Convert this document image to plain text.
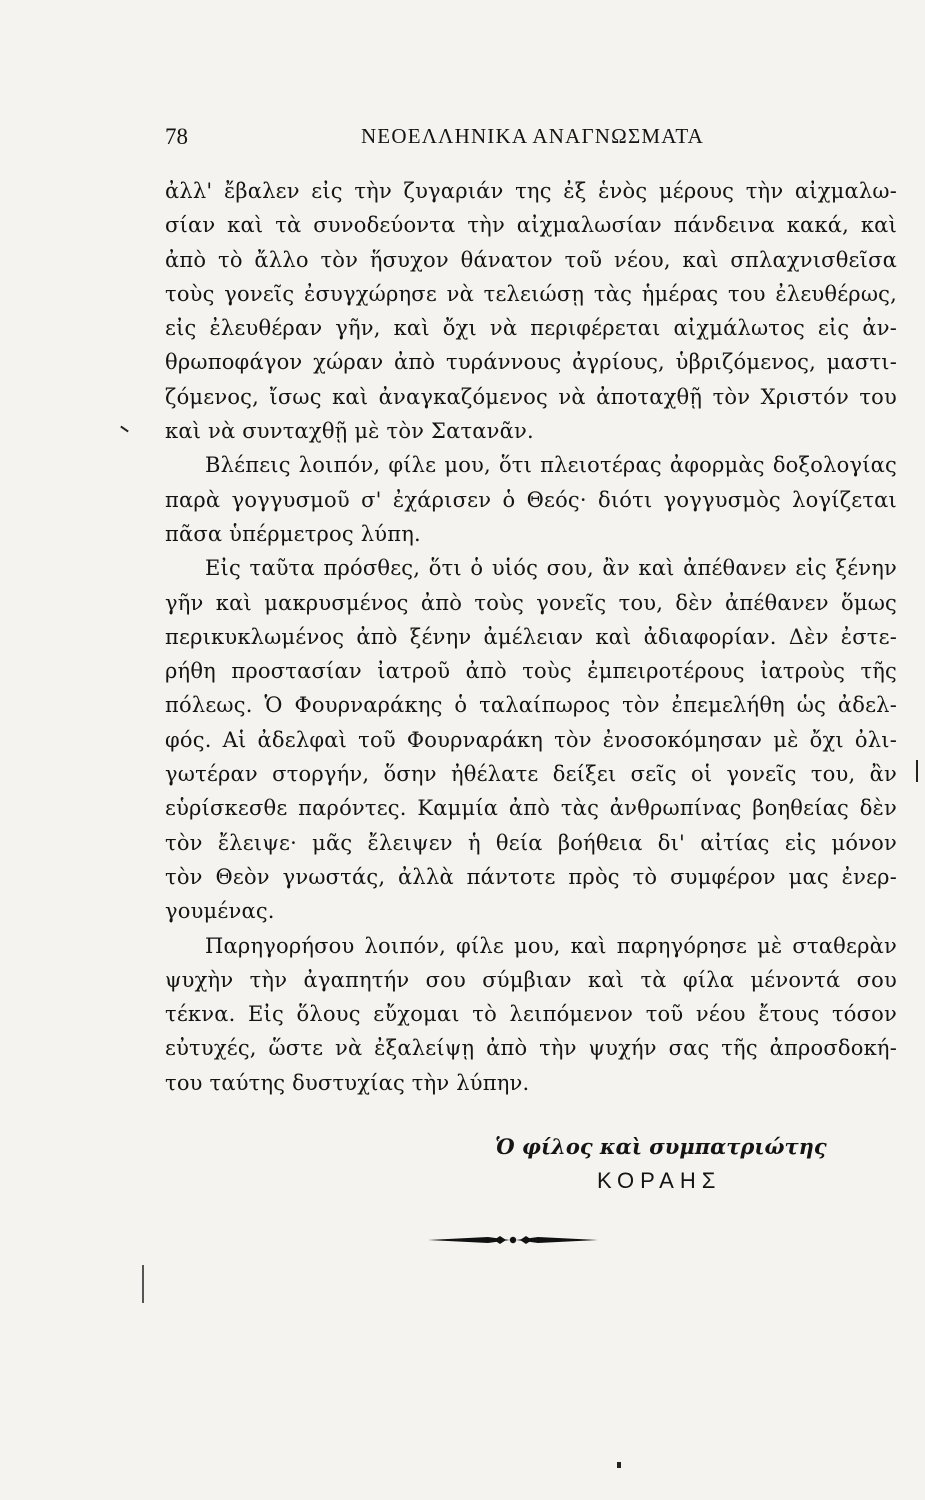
78	ΝΕΟΕΛΛΗΝΙΚΑ ΑΝΑΓΝΩΣΜΑΤΑ
ἀλλ' ἔβαλεν εἰς τὴν ζυγαριάν της ἐξ ἑνὸς μέρους τὴν αἰχμαλω-
σίαν καὶ τὰ συνοδεύοντα τὴν αἰχμαλωσίαν πάνδεινα κακά, καὶ
ἀπὸ τὸ ἄλλο τὸν ἥσυχον θάνατον τοῦ νέου, καὶ σπλαχνισθεῖσα
τοὺς γονεῖς ἐσυγχώρησε νὰ τελειώσῃ τὰς ἡμέρας του ἐλευθέρως,
εἰς ἐλευθέραν γῆν, καὶ ὄχι νὰ περιφέρεται αἰχμάλωτος εἰς ἀν-
θρωποφάγον χώραν ἀπὸ τυράννους ἀγρίους, ὑβριζόμενος, μαστι-
ζόμενος, ἴσως καὶ ἀναγκαζόμενος νὰ ἀποταχθῇ τὸν Χριστόν του
καὶ νὰ συνταχθῇ μὲ τὸν Σατανᾶν.
Βλέπεις λοιπόν, φίλε μου, ὅτι πλειοτέρας ἀφορμὰς δοξολογίας
παρὰ γογγυσμοῦ σ' ἐχάρισεν ὁ Θεός· διότι γογγυσμὸς λογίζεται
πᾶσα ὑπέρμετρος λύπη.
Εἰς ταῦτα πρόσθες, ὅτι ὁ υἱός σου, ἂν καὶ ἀπέθανεν εἰς ξένην
γῆν καὶ μακρυσμένος ἀπὸ τοὺς γονεῖς του, δὲν ἀπέθανεν ὅμως
περικυκλωμένος ἀπὸ ξένην ἀμέλειαν καὶ ἀδιαφορίαν. Δὲν ἐστε-
ρήθη προστασίαν ἰατροῦ ἀπὸ τοὺς ἐμπειροτέρους ἰατροὺς τῆς
πόλεως. Ὁ Φουρναράκης ὁ ταλαίπωρος τὸν ἐπεμελήθη ὡς ἀδελ-
φός. Αἱ ἀδελφαὶ τοῦ Φουρναράκη τὸν ἐνοσοκόμησαν μὲ ὄχι ὀλι-
γωτέραν στοργήν, ὅσην ἠθέλατε δείξει σεῖς οἱ γονεῖς του, ἂν
εὑρίσκεσθε παρόντες. Καμμία ἀπὸ τὰς ἀνθρωπίνας βοηθείας δὲν
τὸν ἔλειψε· μᾶς ἔλειψεν ἡ θεία βοήθεια δι' αἰτίας εἰς μόνον
τὸν Θεὸν γνωστάς, ἀλλὰ πάντοτε πρὸς τὸ συμφέρον μας ἐνερ-
γουμένας.
Παρηγορήσου λοιπόν, φίλε μου, καὶ παρηγόρησε μὲ σταθερὰν
ψυχὴν τὴν ἀγαπητήν σου σύμβιαν καὶ τὰ φίλα μένοντά σου
τέκνα. Εἰς ὅλους εὔχομαι τὸ λειπόμενον τοῦ νέου ἔτους τόσον
εὐτυχές, ὥστε νὰ ἐξαλείψῃ ἀπὸ τὴν ψυχήν σας τῆς ἀπροσδοκή-
του ταύτης δυστυχίας τὴν λύπην.
Ὁ φίλος καὶ συμπατριώτης
ΚΟΡΑΗΣ
